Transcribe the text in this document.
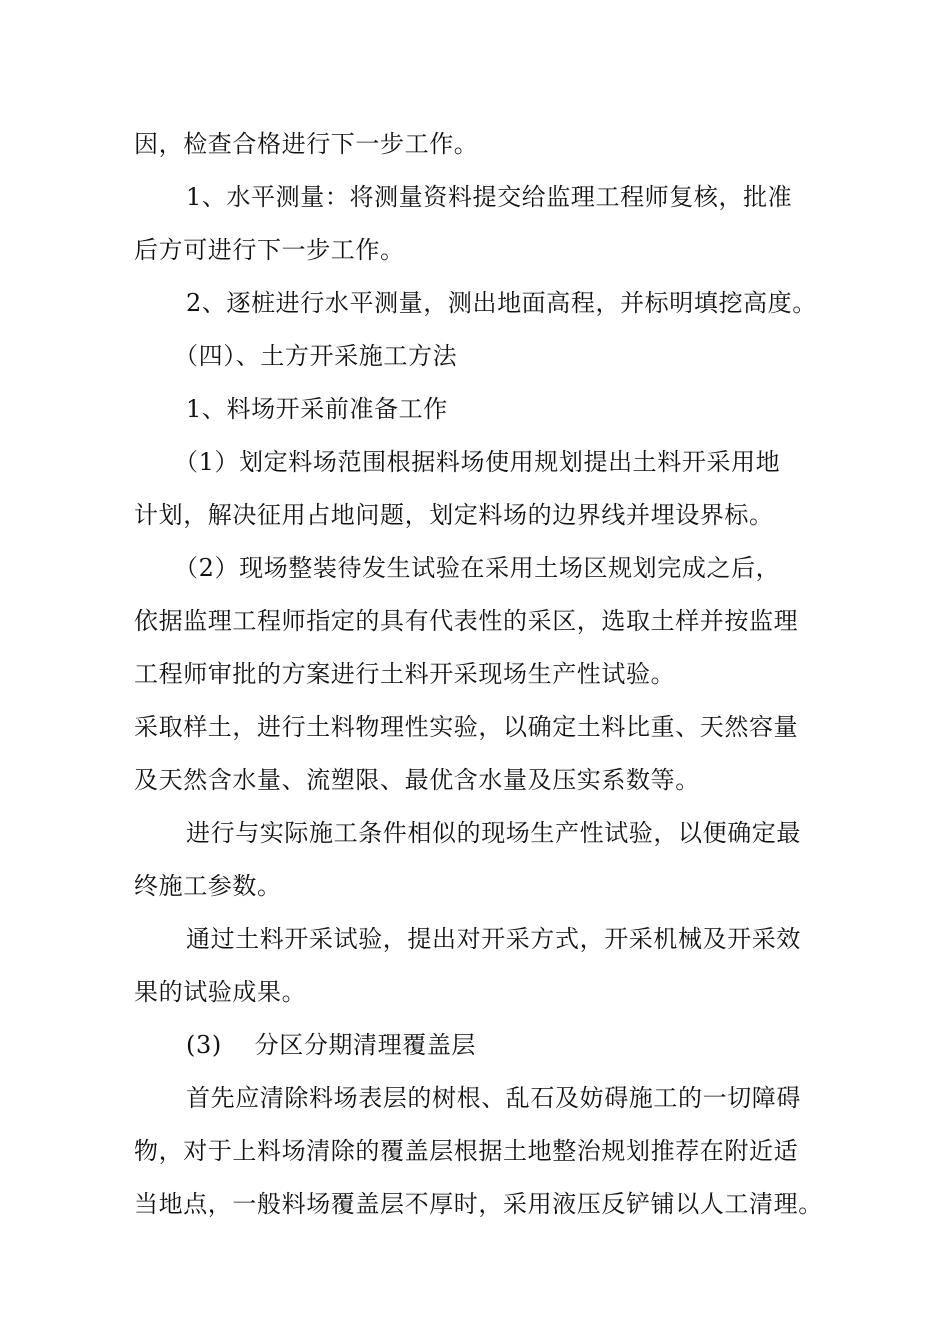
因，检查合格进行下一步工作。
1、水平测量：将测量资料提交给监理工程师复核，批准
后方可进行下一步工作。
2、逐桩进行水平测量，测出地面高程，并标明填挖高度。
（四）、土方开采施工方法
1、料场开采前准备工作
（1）划定料场范围根据料场使用规划提出土料开采用地
计划，解决征用占地问题，划定料场的边界线并埋设界标。
（2）现场整装待发生试验在采用土场区规划完成之后，
依据监理工程师指定的具有代表性的采区，选取土样并按监理
工程师审批的方案进行土料开采现场生产性试验。
采取样土，进行土料物理性实验，以确定土料比重、天然容量
及天然含水量、流塑限、最优含水量及压实系数等。
进行与实际施工条件相似的现场生产性试验，以便确定最
终施工参数。
通过土料开采试验，提出对开采方式，开采机械及开采效
果的试验成果。
(3)　 分区分期清理覆盖层
首先应清除料场表层的树根、乱石及妨碍施工的一切障碍
物，对于上料场清除的覆盖层根据土地整治规划推荐在附近适
当地点，一般料场覆盖层不厚时，采用液压反铲铺以人工清理。
